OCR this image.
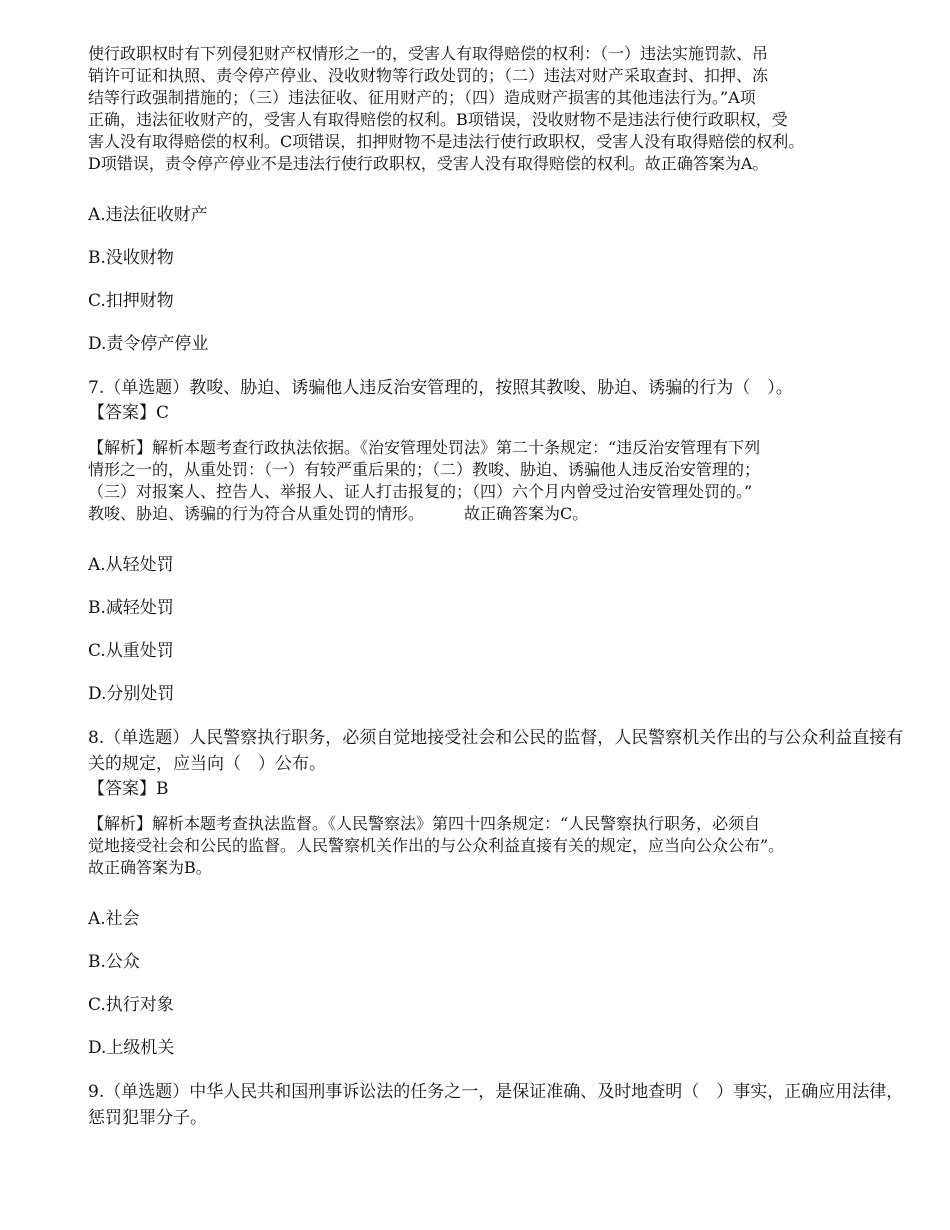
使行政职权时有下列侵犯财产权情形之一的，受害人有取得赔偿的权利：（一）违法实施罚款、吊
销许可证和执照、责令停产停业、没收财物等行政处罚的；（二）违法对财产采取查封、扣押、冻
结等行政强制措施的；（三）违法征收、征用财产的；（四）造成财产损害的其他违法行为。”A项
正确，违法征收财产的，受害人有取得赔偿的权利。B项错误，没收财物不是违法行使行政职权，受
害人没有取得赔偿的权利。C项错误，扣押财物不是违法行使行政职权，受害人没有取得赔偿的权利。
D项错误，责令停产停业不是违法行使行政职权，受害人没有取得赔偿的权利。故正确答案为A。

A.违法征收财产

B.没收财物

C.扣押财物

D.责令停产停业

7.（单选题）教唆、胁迫、诱骗他人违反治安管理的，按照其教唆、胁迫、诱骗的行为（　）。

【答案】C

【解析】解析本题考查行政执法依据。《治安管理处罚法》第二十条规定：“违反治安管理有下列
情形之一的，从重处罚：（一）有较严重后果的；（二）教唆、胁迫、诱骗他人违反治安管理的；
（三）对报案人、控告人、举报人、证人打击报复的；（四）六个月内曾受过治安管理处罚的。”
教唆、胁迫、诱骗的行为符合从重处罚的情形。　　　故正确答案为C。

A.从轻处罚

B.减轻处罚

C.从重处罚

D.分别处罚

8.（单选题）人民警察执行职务，必须自觉地接受社会和公民的监督，人民警察机关作出的与公众利益直接有关的规定，应当向（　）公布。

【答案】B

【解析】解析本题考查执法监督。《人民警察法》第四十四条规定：“人民警察执行职务，必须自
觉地接受社会和公民的监督。人民警察机关作出的与公众利益直接有关的规定，应当向公众公布”。
故正确答案为B。

A.社会

B.公众

C.执行对象

D.上级机关

9.（单选题）中华人民共和国刑事诉讼法的任务之一，是保证准确、及时地查明（　）事实，正确应用法律，惩罚犯罪分子。
